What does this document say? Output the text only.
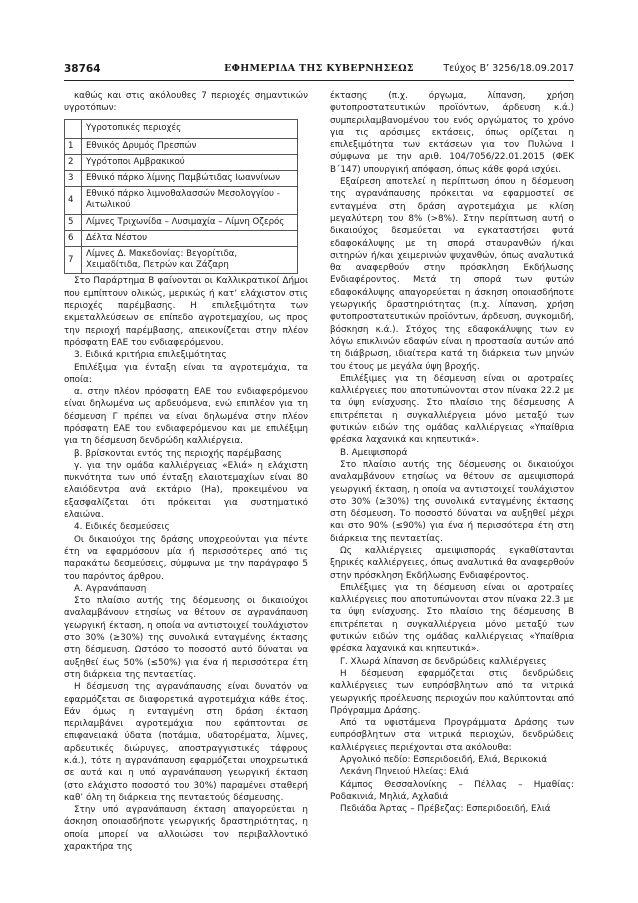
38764	ΕΦΗΜΕΡΙΔΑ TΗΣ ΚΥΒΕΡΝΗΣΕΩΣ	Τεύχος Β’ 3256/18.09.2017

καθώς και στις ακόλουθες 7 περιοχές σημαντικών υγροτόπων:

	Υγροτοπικές περιοχές
1	Εθνικός Δρυμός Πρεσπών
2	Υγρότοποι Αμβρακικού
3	Εθνικό πάρκο λίμνης Παμβώτιδας Ιωαννίνων
4	Εθνικό πάρκο λιμνοθαλασσών Μεσολογγίου - Αιτωλικού
5	Λίμνες Τριχωνίδα – Λυσιμαχία – Λίμνη Οζερός
6	Δέλτα Νέστου
7	Λίμνες Δ. Μακεδονίας: Βεγορίτιδα, Χειμαδίτιδα, Πετρών και Ζάζαρη

Στο Παράρτημα Β φαίνονται οι Καλλικρατικοί Δήμοι που εμπίπτουν ολικώς, μερικώς ή κατ’ ελάχιστον στις περιοχές παρέμβασης. Η επιλεξιμότητα των εκμεταλλεύσεων σε επίπεδο αγροτεμαχίου, ως προς την περιοχή παρέμβασης, απεικονίζεται στην πλέον πρόσφατη ΕΑΕ του ενδιαφερόμενου.

3. Ειδικά κριτήρια επιλεξιμότητας

Επιλέξιμα για ένταξη είναι τα αγροτεμάχια, τα οποία:

α. στην πλέον πρόσφατη ΕΑΕ του ενδιαφερόμενου είναι δηλωμένα ως αρδευόμενα, ενώ επιπλέον για τη δέσμευση Γ πρέπει να είναι δηλωμένα στην πλέον πρόσφατη ΕΑΕ του ενδιαφερόμενου και με επιλέξιμη για τη δέσμευση δενδρώδη καλλιέργεια.

β. βρίσκονται εντός της περιοχής παρέμβασης

γ. για την ομάδα καλλιέργειας «Ελιά» η ελάχιστη πυκνότητα των υπό ένταξη ελαιοτεμαχίων είναι 80 ελαιόδεντρα ανά εκτάριο (Ha), προκειμένου να εξασφαλίζεται ότι πρόκειται για συστηματικό ελαιώνα.

4. Ειδικές δεσμεύσεις

Οι δικαιούχοι της δράσης υποχρεούνται για πέντε έτη να εφαρμόσουν μία ή περισσότερες από τις παρακάτω δεσμεύσεις, σύμφωνα με την παράγραφο 5 του παρόντος άρθρου.

Α. Αγρανάπαυση

Στο πλαίσιο αυτής της δέσμευσης οι δικαιούχοι αναλαμβάνουν ετησίως να θέτουν σε αγρανάπαυση γεωργική έκταση, η οποία να αντιστοιχεί τουλάχιστον στο 30% (≥30%) της συνολικά ενταγμένης έκτασης στη δέσμευση. Ωστόσο το ποσοστό αυτό δύναται να αυξηθεί έως 50% (≤50%) για ένα ή περισσότερα έτη στη διάρκεια της πενταετίας.

Η δέσμευση της αγρανάπαυσης είναι δυνατόν να εφαρμόζεται σε διαφορετικά αγροτεμάχια κάθε έτος. Εάν όμως η ενταγμένη στη δράση έκταση περιλαμβάνει αγροτεμάχια που εφάπτονται σε επιφανειακά ύδατα (ποτάμια, υδατορέματα, λίμνες, αρδευτικές διώρυγες, αποστραγγιστικές τάφρους κ.ά.), τότε η αγρανάπαυση εφαρμόζεται υποχρεωτικά σε αυτά και η υπό αγρανάπαυση γεωργική έκταση (στο ελάχιστο ποσοστό του 30%) παραμένει σταθερή καθ’ όλη τη διάρκεια της πενταετούς δέσμευσης.

Στην υπό αγρανάπαυση έκταση απαγορεύεται η άσκηση οποιασδήποτε γεωργικής δραστηριότητας, η οποία μπορεί να αλλοιώσει τον περιβαλλοντικό χαρακτήρα της

έκτασης (π.χ. όργωμα, λίπανση, χρήση φυτοπροστατευτικών προϊόντων, άρδευση κ.ά.) συμπεριλαμβανομένου του ενός οργώματος το χρόνο για τις αρόσιμες εκτάσεις, όπως ορίζεται η επιλεξιμότητα των εκτάσεων για τον Πυλώνα Ι σύμφωνα με την αριθ. 104/7056/22.01.2015 (ΦΕΚ Β΄147) υπουργική απόφαση, όπως κάθε φορά ισχύει.

Εξαίρεση αποτελεί η περίπτωση όπου η δέσμευση της αγρανάπαυσης πρόκειται να εφαρμοστεί σε ενταγμένα στη δράση αγροτεμάχια με κλίση μεγαλύτερη του 8% (>8%). Στην περίπτωση αυτή ο δικαιούχος δεσμεύεται να εγκαταστήσει φυτά εδαφοκάλυψης με τη σπορά σταυρανθών ή/και σιτηρών ή/και χειμερινών ψυχανθών, όπως αναλυτικά θα αναφερθούν στην πρόσκληση Εκδήλωσης Ενδιαφέροντος. Μετά τη σπορά των φυτών εδαφοκάλυψης απαγορεύεται η άσκηση οποιασδήποτε γεωργικής δραστηριότητας (π.χ. λίπανση, χρήση φυτοπροστατευτικών προϊόντων, άρδευση, συγκομιδή, βόσκηση κ.ά.). Στόχος της εδαφοκάλυψης των εν λόγω επικλινών εδαφών είναι η προστασία αυτών από τη διάβρωση, ιδιαίτερα κατά τη διάρκεια των μηνών του έτους με μεγάλα ύψη βροχής.

Επιλέξιμες για τη δέσμευση είναι οι αροτραίες καλλιέργειες που αποτυπώνονται στον πίνακα 22.2 με τα ύψη ενίσχυσης. Στο πλαίσιο της δέσμευσης Α επιτρέπεται η συγκαλλιέργεια μόνο μεταξύ των φυτικών ειδών της ομάδας καλλιέργειας «Υπαίθρια φρέσκα λαχανικά και κηπευτικά».

Β. Αμειψισπορά

Στο πλαίσιο αυτής της δέσμευσης οι δικαιούχοι αναλαμβάνουν ετησίως να θέτουν σε αμειψισπορά γεωργική έκταση, η οποία να αντιστοιχεί τουλάχιστον στο 30% (≥30%) της συνολικά ενταγμένης έκτασης στη δέσμευση. Το ποσοστό δύναται να αυξηθεί μέχρι και στο 90% (≤90%) για ένα ή περισσότερα έτη στη διάρκεια της πενταετίας.

Ως καλλιέργειες αμειψισποράς εγκαθίστανται ξηρικές καλλιέργειες, όπως αναλυτικά θα αναφερθούν στην πρόσκληση Εκδήλωσης Ενδιαφέροντος.

Επιλέξιμες για τη δέσμευση είναι οι αροτραίες καλλιέργειες που αποτυπώνονται στον πίνακα 22.3 με τα ύψη ενίσχυσης. Στο πλαίσιο της δέσμευσης Β επιτρέπεται η συγκαλλιέργεια μόνο μεταξύ των φυτικών ειδών της ομάδας καλλιέργειας «Υπαίθρια φρέσκα λαχανικά και κηπευτικά».

Γ. Χλωρά λίπανση σε δενδρώδεις καλλιέργειες

Η δέσμευση εφαρμόζεται στις δενδρώδεις καλλιέργειες των ευπρόσβλητων από τα νιτρικά γεωργικής προέλευσης περιοχών που καλύπτονται από Πρόγραμμα Δράσης.

Από τα υφιστάμενα Προγράμματα Δράσης των ευπρόσβλητων στα νιτρικά περιοχών, δενδρώδεις καλλιέργειες περιέχονται στα ακόλουθα:

Αργολικό πεδίο: Εσπεριδοειδή, Ελιά, Βερικοκιά

Λεκάνη Πηνειού Ηλείας: Ελιά

Κάμπος Θεσσαλονίκης – Πέλλας – Ημαθίας: Ροδακινιά, Μηλιά, Αχλαδιά

Πεδιάδα Άρτας – Πρέβεζας: Εσπεριδοειδή, Ελιά
